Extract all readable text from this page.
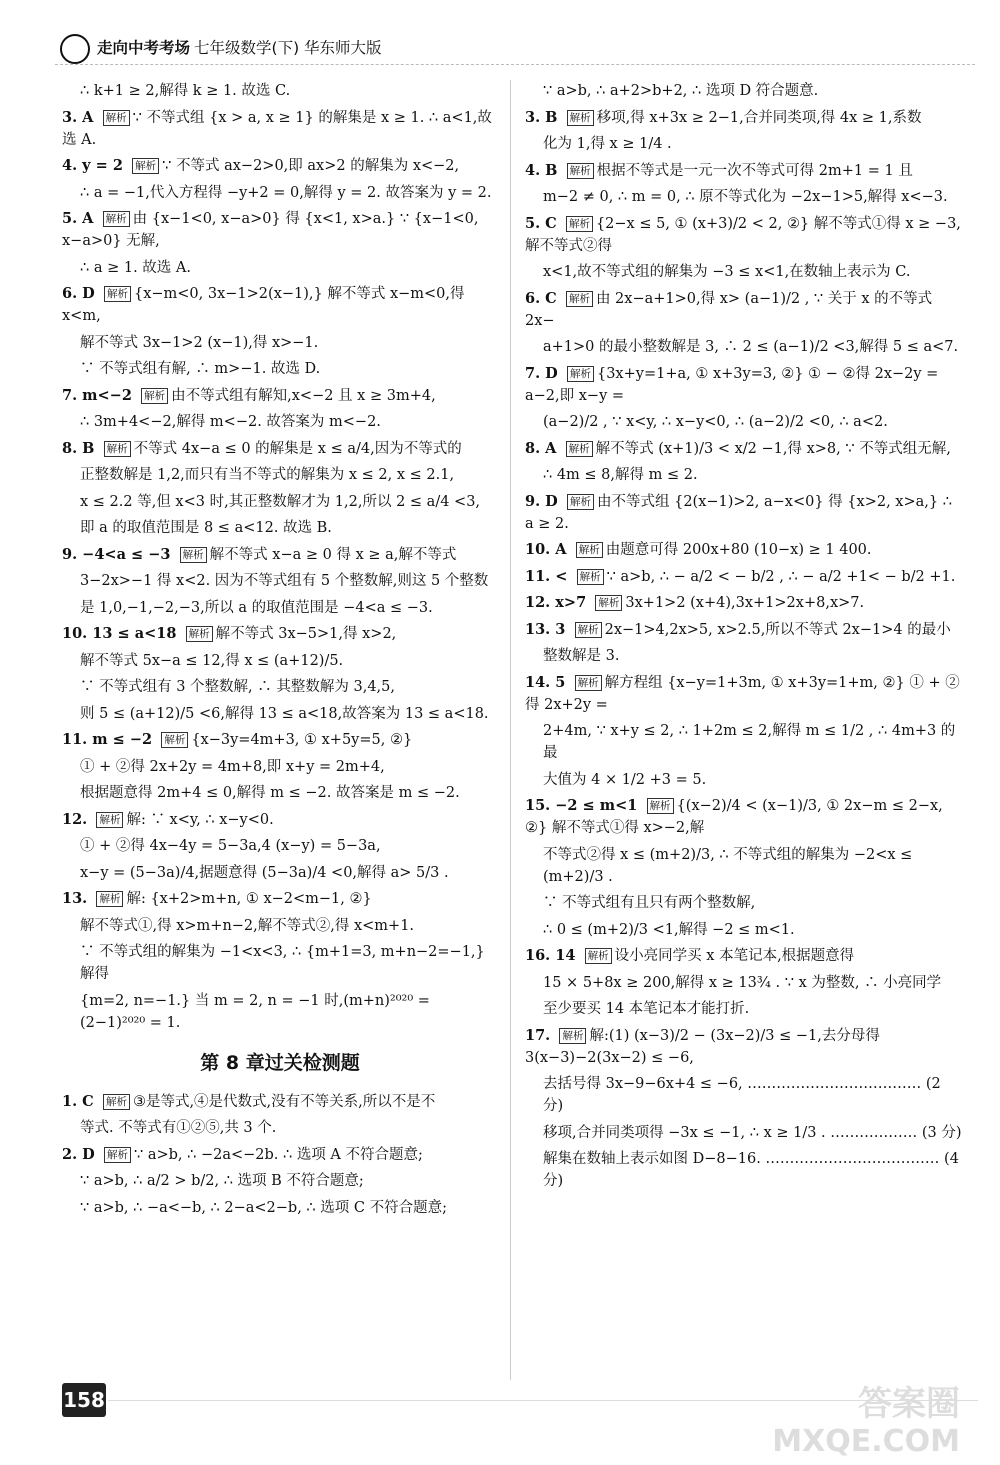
走向中考考场 七年级数学(下) 华东师大版
∴ k+1 ≥ 2,解得 k ≥ 1. 故选 C.
3. A 解析 ∵ 不等式组 {x > a, x ≥ 1} 的解集是 x ≥ 1. ∴ a<1,故选 A.
4. y = 2 解析 ∵ 不等式 ax−2>0,即 ax>2 的解集为 x<−2,
∴ a = −1,代入方程得 −y+2 = 0,解得 y = 2. 故答案为 y = 2.
5. A 解析 由 {x−1<0, x−a>0} 得 {x<1, x>a.} ∵ {x−1<0, x−a>0} 无解,
∴ a ≥ 1. 故选 A.
6. D 解析 {x−m<0, 3x−1>2(x−1),} 解不等式 x−m<0,得 x<m,
解不等式 3x−1>2 (x−1),得 x>−1.
∵ 不等式组有解, ∴ m>−1. 故选 D.
7. m<−2 解析 由不等式组有解知,x<−2 且 x ≥ 3m+4,
∴ 3m+4<−2,解得 m<−2. 故答案为 m<−2.
8. B 解析 不等式 4x−a ≤ 0 的解集是 x ≤ a/4,因为不等式的
正整数解是 1,2,而只有当不等式的解集为 x ≤ 2, x ≤ 2.1,
x ≤ 2.2 等,但 x<3 时,其正整数解才为 1,2,所以 2 ≤ a/4 <3,
即 a 的取值范围是 8 ≤ a<12. 故选 B.
9. −4<a ≤ −3 解析 解不等式 x−a ≥ 0 得 x ≥ a,解不等式
3−2x>−1 得 x<2. 因为不等式组有 5 个整数解,则这 5 个整数
是 1,0,−1,−2,−3,所以 a 的取值范围是 −4<a ≤ −3.
10. 13 ≤ a<18 解析 解不等式 3x−5>1,得 x>2,
解不等式 5x−a ≤ 12,得 x ≤ (a+12)/5.
∵ 不等式组有 3 个整数解, ∴ 其整数解为 3,4,5,
则 5 ≤ (a+12)/5 <6,解得 13 ≤ a<18,故答案为 13 ≤ a<18.
11. m ≤ −2 解析 {x−3y=4m+3, ① x+5y=5, ②}
① + ②得 2x+2y = 4m+8,即 x+y = 2m+4,
根据题意得 2m+4 ≤ 0,解得 m ≤ −2. 故答案是 m ≤ −2.
12. 解析 解: ∵ x<y, ∴ x−y<0.
① + ②得 4x−4y = 5−3a,4 (x−y) = 5−3a,
x−y = (5−3a)/4,据题意得 (5−3a)/4 <0,解得 a> 5/3 .
13. 解析 解: {x+2>m+n, ① x−2<m−1, ②}
解不等式①,得 x>m+n−2,解不等式②,得 x<m+1.
∵ 不等式组的解集为 −1<x<3, ∴ {m+1=3, m+n−2=−1,} 解得
{m=2, n=−1.} 当 m = 2, n = −1 时,(m+n)²⁰²⁰ = (2−1)²⁰²⁰ = 1.
第 8 章过关检测题
1. C 解析 ③是等式,④是代数式,没有不等关系,所以不是不
等式. 不等式有①②⑤,共 3 个.
2. D 解析 ∵ a>b, ∴ −2a<−2b. ∴ 选项 A 不符合题意;
∵ a>b, ∴ a/2 > b/2, ∴ 选项 B 不符合题意;
∵ a>b, ∴ −a<−b, ∴ 2−a<2−b, ∴ 选项 C 不符合题意;
∵ a>b, ∴ a+2>b+2, ∴ 选项 D 符合题意.
3. B 解析 移项,得 x+3x ≥ 2−1,合并同类项,得 4x ≥ 1,系数
化为 1,得 x ≥ 1/4 .
4. B 解析 根据不等式是一元一次不等式可得 2m+1 = 1 且
m−2 ≠ 0, ∴ m = 0, ∴ 原不等式化为 −2x−1>5,解得 x<−3.
5. C 解析 {2−x ≤ 5, ① (x+3)/2 < 2, ②} 解不等式①得 x ≥ −3,解不等式②得
x<1,故不等式组的解集为 −3 ≤ x<1,在数轴上表示为 C.
6. C 解析 由 2x−a+1>0,得 x> (a−1)/2 , ∵ 关于 x 的不等式 2x−
a+1>0 的最小整数解是 3, ∴ 2 ≤ (a−1)/2 <3,解得 5 ≤ a<7.
7. D 解析 {3x+y=1+a, ① x+3y=3, ②} ① − ②得 2x−2y = a−2,即 x−y =
(a−2)/2 , ∵ x<y, ∴ x−y<0, ∴ (a−2)/2 <0, ∴ a<2.
8. A 解析 解不等式 (x+1)/3 < x/2 −1,得 x>8, ∵ 不等式组无解,
∴ 4m ≤ 8,解得 m ≤ 2.
9. D 解析 由不等式组 {2(x−1)>2, a−x<0} 得 {x>2, x>a,} ∴ a ≥ 2.
10. A 解析 由题意可得 200x+80 (10−x) ≥ 1 400.
11. < 解析 ∵ a>b, ∴ − a/2 < − b/2 , ∴ − a/2 +1< − b/2 +1.
12. x>7 解析 3x+1>2 (x+4),3x+1>2x+8,x>7.
13. 3 解析 2x−1>4,2x>5, x>2.5,所以不等式 2x−1>4 的最小
整数解是 3.
14. 5 解析 解方程组 {x−y=1+3m, ① x+3y=1+m, ②} ① + ② 得 2x+2y =
2+4m, ∵ x+y ≤ 2, ∴ 1+2m ≤ 2,解得 m ≤ 1/2 , ∴ 4m+3 的最
大值为 4 × 1/2 +3 = 5.
15. −2 ≤ m<1 解析 {(x−2)/4 < (x−1)/3, ① 2x−m ≤ 2−x, ②} 解不等式①得 x>−2,解
不等式②得 x ≤ (m+2)/3, ∴ 不等式组的解集为 −2<x ≤ (m+2)/3 .
∵ 不等式组有且只有两个整数解,
∴ 0 ≤ (m+2)/3 <1,解得 −2 ≤ m<1.
16. 14 解析 设小亮同学买 x 本笔记本,根据题意得
15 × 5+8x ≥ 200,解得 x ≥ 13¾ . ∵ x 为整数, ∴ 小亮同学
至少要买 14 本笔记本才能打折.
17. 解析 解:(1) (x−3)/2 − (3x−2)/3 ≤ −1,去分母得 3(x−3)−2(3x−2) ≤ −6,
去括号得 3x−9−6x+4 ≤ −6, ……………………………… (2 分)
移项,合并同类项得 −3x ≤ −1, ∴ x ≥ 1/3 . ……………… (3 分)
解集在数轴上表示如图 D−8−16. ……………………………… (4 分)
158	答案圈
MXQE.COM
